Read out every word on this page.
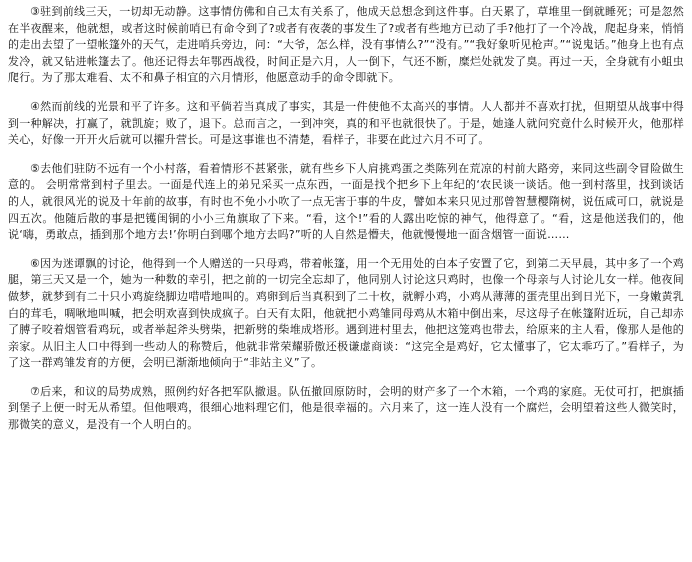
③驻到前线三天，一切却无动静。这事情仿佛和自己太有关系了，他成天总想念到这件事。白天累了，草堆里一倒就睡死；可是忽然在半夜醒来，他就想，或者这时候前哨已有命令到了?或者有夜袭的事发生了?或者有些地方已动了手?他打了一个冷战，爬起身来，悄悄的走出去望了一望帐篷外的天气，走进哨兵旁边，问：“大爷，怎么样，没有事情么?”“没有。”“我好象听见枪声。”“说鬼话。”他身上也有点发冷，就又钻进帐篷去了。他还记得去年鄂西战役，时间正是六月，人一倒下，气还不断，糜烂处就发了臭。再过一天，全身就有小蛆虫爬行。为了那太难看、太不和鼻子相宜的六月情形，他愿意动手的命令即就下。

④然而前线的光景和平了许多。这和平倘若当真成了事实，其是一件使他不太高兴的事情。人人都并不喜欢打扰，但期望从战事中得到一种解决，打赢了，就凯旋；败了，退下。总而言之，一到冲突，真的和平也就很快了。于是，她逢人就问究竟什么时候开火，他那样关心，好像一开开火后就可以擢升营长。可是这事谁也不清楚，看样子，非要在此过六月不可了。

⑤去他们驻防不远有一个小村落，看着情形不甚紧张，就有些乡下人肩挑鸡蛋之类陈列在荒凉的村前大路旁，来同这些副令冒险做生意的。 会明常常到村子里去。一面是代连上的弟兄采买一点东西，一面是找个把乡下上年纪的‘农民谈一谈话。他一到村落里，找到谈话的人，就很风光的说及十年前的故事，有时也不免小小吹了一点无害于事的牛皮，譬如本来只见过那曾智慧樱隋树，说伍咸可口，就说是四五次。他随后散的事是把镬闺铜的小小三角旗取了下来。“看，这个!”看的人露出吃惊的神气，他得意了。“看，这是他送我们的，他说‘嗨，勇敢点，插到那个地方去!’你明白到哪个地方去吗?”听的人自然是懵夫，他就慢慢地一面含烟管一面说……

⑥因为迷谭飘的讨论，他得到一个人赠送的一只母鸡，带着帐篷，用一个无用处的白本子安置了它，到第二天早晨，其中多了一个鸡腿，第三天又是一个，她为一种数的幸引，把之前的一切完全忘却了，他同别人讨论这只鸡时，也像一个母亲与人讨论儿女一样。他夜间做梦，就梦到有二十只小鸡旋绕脚边唶唶地叫的。鸡卵到后当真积到了二十枚，就孵小鸡，小鸡从薄薄的蛋壳里出到日光下，一身嫩黄乳白的茸毛，啁啾地叫喊，把会明欢喜到快成疯子。白天有太阳，他就把小鸡雏同母鸡从木箱中倒出来，尽这母子在帐篷附近玩，自己却赤了膊子咬着烟管看鸡玩，或者举起斧头劈柴，把新劈的柴堆成塔形。遇到进村里去，他把这笼鸡也带去，给原来的主人看，像那人是他的亲家。从旧主人口中得到一些动人的称赞后，他就非常荣耀骄傲还极谦虚商谈：“这完全是鸡好，它太懂事了，它太乖巧了。”看样子，为了这一群鸡雏发育的方便，会明已渐渐地倾向于“非站主义”了。

⑦后来，和议的局势成熟，照例约好各把军队撤退。队伍撤回原防时，会明的财产多了一个木箱，一个鸡的家庭。无仗可打，把旗插到堡子上便一时无从希望。但他喂鸡，很细心地料理它们，他是很幸福的。六月来了，这一连人没有一个腐烂，会明望着这些人微笑时，那微笑的意义，是没有一个人明白的。
